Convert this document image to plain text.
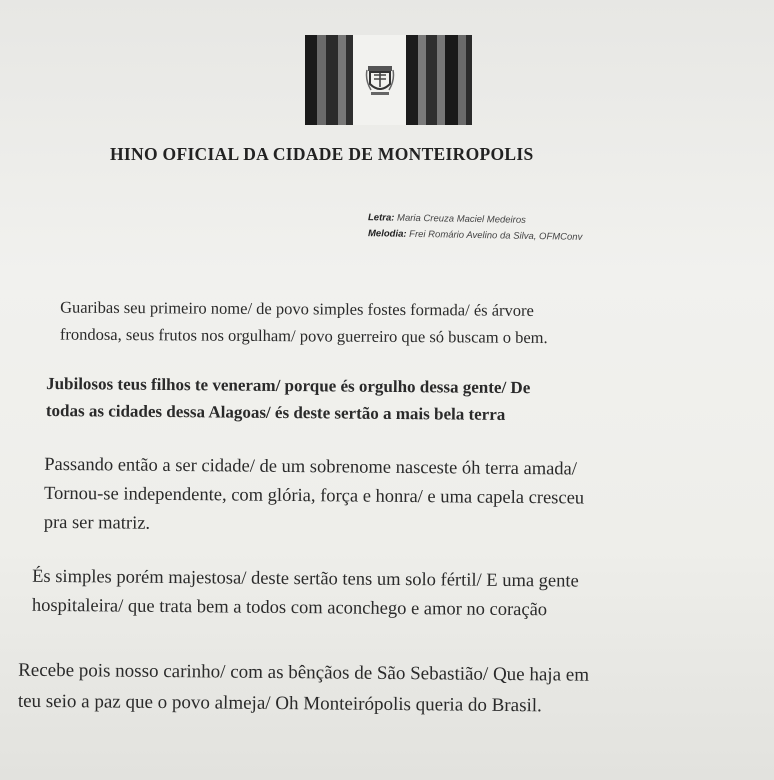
HINO OFICIAL DA CIDADE DE MONTEIROPOLIS
Letra: Maria Creuza Maciel Medeiros
Melodia: Frei Romário Avelino da Silva, OFMConv
Guaribas seu primeiro nome/ de povo simples fostes formada/ és árvore
frondosa, seus frutos nos orgulham/ povo guerreiro que só buscam o bem.
Jubilosos teus filhos te veneram/ porque és orgulho dessa gente/ De
todas as cidades dessa Alagoas/ és deste sertão a mais bela terra
Passando então a ser cidade/ de um sobrenome nasceste óh terra amada/
Tornou-se independente, com glória, força e honra/ e uma capela cresceu
pra ser matriz.
És simples porém majestosa/ deste sertão tens um solo fértil/ E uma gente
hospitaleira/ que trata bem a todos com aconchego e amor no coração
Recebe pois nosso carinho/ com as bênçãos de São Sebastião/ Que haja em
teu seio a paz que o povo almeja/ Oh Monteirópolis queria do Brasil.
